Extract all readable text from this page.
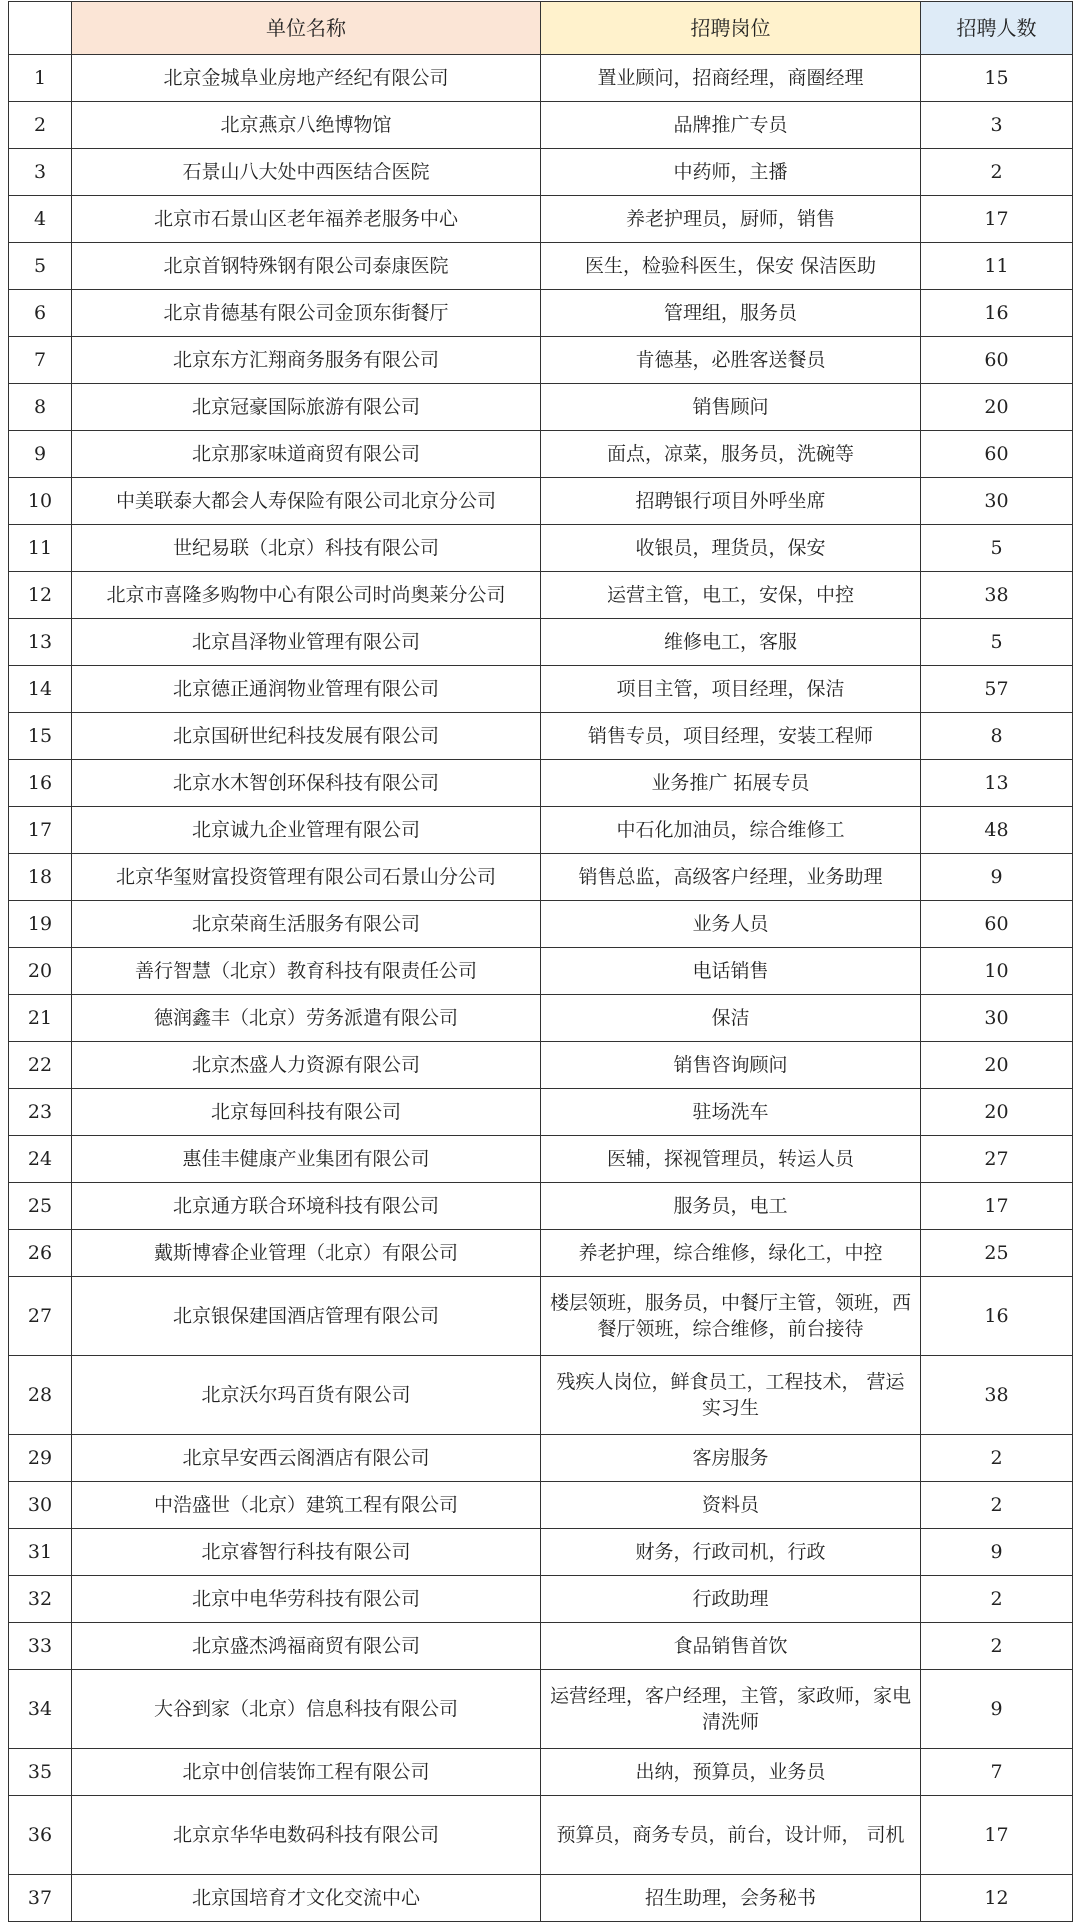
	单位名称	招聘岗位	招聘人数
1	北京金城阜业房地产经纪有限公司	置业顾问，招商经理，商圈经理	15
2	北京燕京八绝博物馆	品牌推广专员	3
3	石景山八大处中西医结合医院	中药师，主播	2
4	北京市石景山区老年福养老服务中心	养老护理员，厨师，销售	17
5	北京首钢特殊钢有限公司泰康医院	医生，检验科医生，保安 保洁医助	11
6	北京肯德基有限公司金顶东街餐厅	管理组，服务员	16
7	北京东方汇翔商务服务有限公司	肯德基，必胜客送餐员	60
8	北京冠豪国际旅游有限公司	销售顾问	20
9	北京那家味道商贸有限公司	面点，凉菜，服务员，洗碗等	60
10	中美联泰大都会人寿保险有限公司北京分公司	招聘银行项目外呼坐席	30
11	世纪易联（北京）科技有限公司	收银员，理货员，保安	5
12	北京市喜隆多购物中心有限公司时尚奥莱分公司	运营主管，电工，安保，中控	38
13	北京昌泽物业管理有限公司	维修电工，客服	5
14	北京德正通润物业管理有限公司	项目主管，项目经理，保洁	57
15	北京国研世纪科技发展有限公司	销售专员，项目经理，安装工程师	8
16	北京水木智创环保科技有限公司	业务推广 拓展专员	13
17	北京诚九企业管理有限公司	中石化加油员，综合维修工	48
18	北京华玺财富投资管理有限公司石景山分公司	销售总监，高级客户经理，业务助理	9
19	北京荣商生活服务有限公司	业务人员	60
20	善行智慧（北京）教育科技有限责任公司	电话销售	10
21	德润鑫丰（北京）劳务派遣有限公司	保洁	30
22	北京杰盛人力资源有限公司	销售咨询顾问	20
23	北京每回科技有限公司	驻场洗车	20
24	惠佳丰健康产业集团有限公司	医辅，探视管理员，转运人员	27
25	北京通方联合环境科技有限公司	服务员，电工	17
26	戴斯博睿企业管理（北京）有限公司	养老护理，综合维修，绿化工，中控	25
27	北京银保建国酒店管理有限公司	楼层领班，服务员，中餐厅主管，领班，西餐厅领班，综合维修，前台接待	16
28	北京沃尔玛百货有限公司	残疾人岗位，鲜食员工，工程技术， 营运实习生	38
29	北京早安西云阁酒店有限公司	客房服务	2
30	中浩盛世（北京）建筑工程有限公司	资料员	2
31	北京睿智行科技有限公司	财务，行政司机，行政	9
32	北京中电华劳科技有限公司	行政助理	2
33	北京盛杰鸿福商贸有限公司	食品销售首饮	2
34	大谷到家（北京）信息科技有限公司	运营经理，客户经理，主管，家政师，家电清洗师	9
35	北京中创信装饰工程有限公司	出纳，预算员，业务员	7
36	北京京华华电数码科技有限公司	预算员，商务专员，前台，设计师， 司机	17
37	北京国培育才文化交流中心	招生助理，会务秘书	12
